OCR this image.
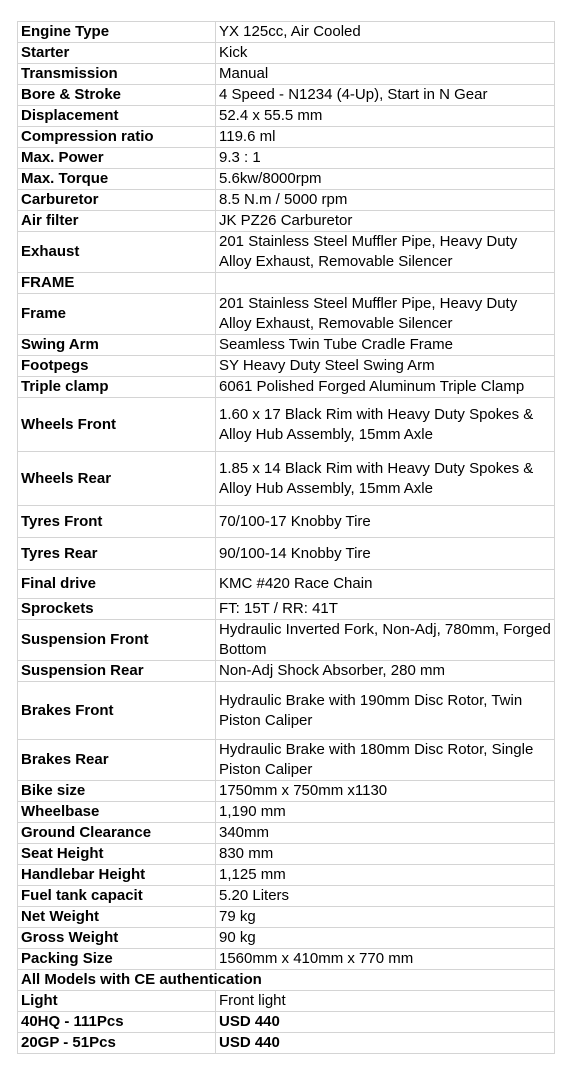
Engine Type	YX 125cc, Air Cooled
Starter	Kick
Transmission	Manual
Bore & Stroke	4 Speed - N1234 (4-Up), Start in N Gear
Displacement	52.4 x 55.5 mm
Compression ratio	119.6 ml
Max. Power	9.3 : 1
Max. Torque	5.6kw/8000rpm
Carburetor	8.5 N.m / 5000 rpm
Air filter	JK PZ26 Carburetor
Exhaust	201 Stainless Steel Muffler Pipe, Heavy Duty Alloy Exhaust, Removable Silencer
FRAME	
Frame	201 Stainless Steel Muffler Pipe, Heavy Duty Alloy Exhaust, Removable Silencer
Swing Arm	Seamless Twin Tube Cradle Frame
Footpegs	SY Heavy Duty Steel Swing Arm
Triple clamp	6061 Polished Forged Aluminum Triple Clamp
Wheels Front	1.60 x 17 Black Rim with Heavy Duty Spokes & Alloy Hub Assembly, 15mm Axle
Wheels Rear	1.85 x 14 Black Rim with Heavy Duty Spokes & Alloy Hub Assembly, 15mm Axle
Tyres Front	70/100-17 Knobby Tire
Tyres Rear	90/100-14 Knobby Tire
Final drive	KMC #420 Race Chain
Sprockets	FT: 15T / RR: 41T
Suspension Front	Hydraulic Inverted Fork, Non-Adj, 780mm, Forged Bottom
Suspension Rear	Non-Adj Shock Absorber, 280 mm
Brakes Front	Hydraulic Brake with 190mm Disc Rotor, Twin Piston Caliper
Brakes Rear	Hydraulic Brake with 180mm Disc Rotor, Single Piston Caliper
Bike size	1750mm x 750mm x1130
Wheelbase	1,190 mm
Ground Clearance	340mm
Seat Height	830 mm
Handlebar Height	1,125 mm
Fuel tank capacit	5.20 Liters
Net Weight	79 kg
Gross Weight	90 kg
Packing Size	1560mm x 410mm x 770 mm
All Models with CE authentication	
Light	Front light
40HQ - 111Pcs	USD 440
20GP - 51Pcs	USD 440
